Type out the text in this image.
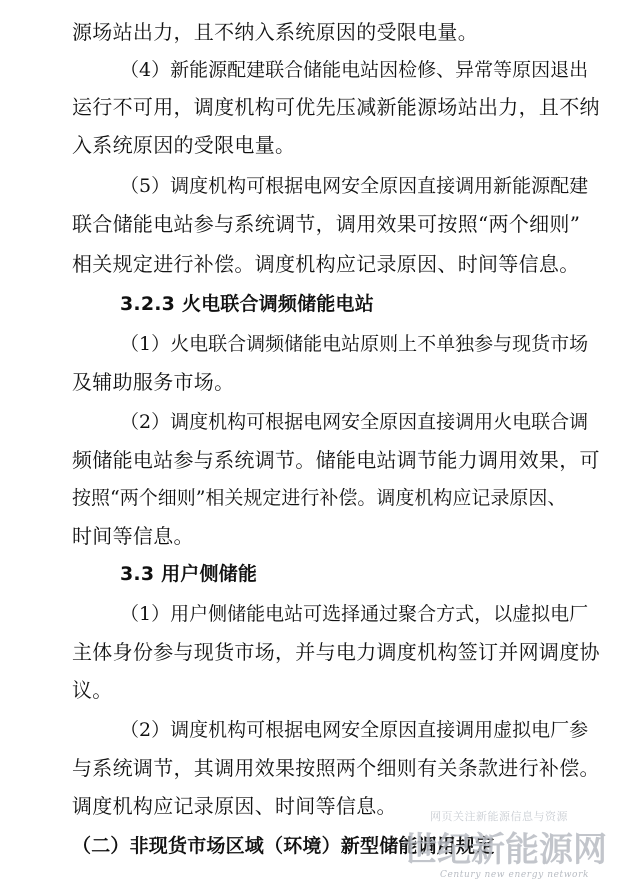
源场站出力，且不纳入系统原因的受限电量。
（4）新能源配建联合储能电站因检修、异常等原因退出
运行不可用，调度机构可优先压减新能源场站出力，且不纳
入系统原因的受限电量。
（5）调度机构可根据电网安全原因直接调用新能源配建
联合储能电站参与系统调节，调用效果可按照“两个细则”
相关规定进行补偿。调度机构应记录原因、时间等信息。
3.2.3 火电联合调频储能电站
（1）火电联合调频储能电站原则上不单独参与现货市场
及辅助服务市场。
（2）调度机构可根据电网安全原因直接调用火电联合调
频储能电站参与系统调节。储能电站调节能力调用效果，可
按照“两个细则”相关规定进行补偿。调度机构应记录原因、
时间等信息。
3.3 用户侧储能
（1）用户侧储能电站可选择通过聚合方式，以虚拟电厂
主体身份参与现货市场，并与电力调度机构签订并网调度协
议。
（2）调度机构可根据电网安全原因直接调用虚拟电厂参
与系统调节，其调用效果按照两个细则有关条款进行补偿。
调度机构应记录原因、时间等信息。
（二）非现货市场区域（环境）新型储能调用规定
网页关注新能源信息与资源
世纪新能源网
Century new energy network
